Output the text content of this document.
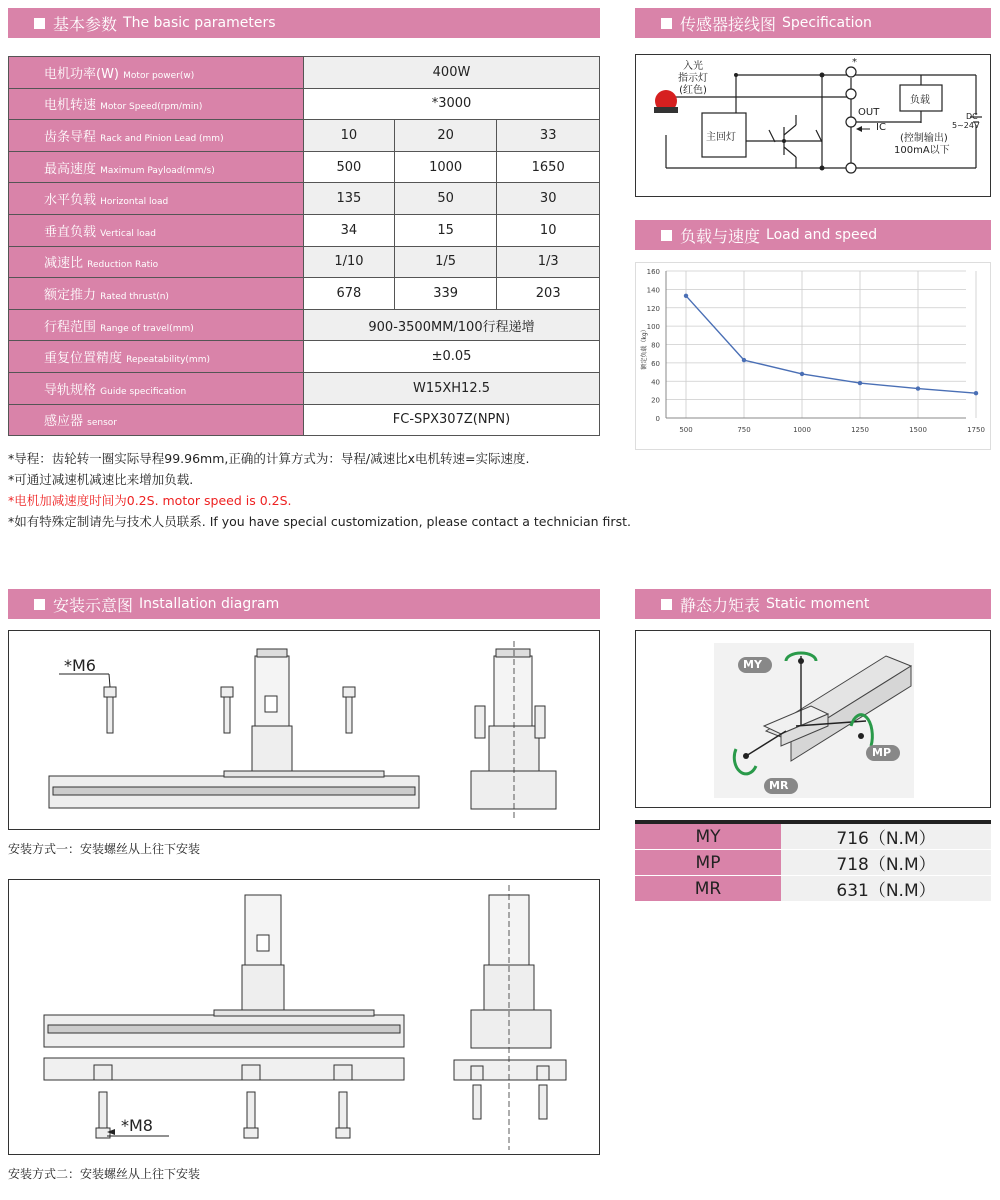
基本参数 The basic parameters	传感器接线图 Specification
负载与速度 Load and speed
安装示意图 Installation diagram	静态力矩表 Static moment
电机功率(W) Motor power(w)	400W		
电机转速 Motor Speed(rpm/min)	*3000		
齿条导程 Rack and Pinion Lead (mm)	10	20	33
最高速度 Maximum Payload(mm/s)	500	1000	1650
水平负载 Horizontal load	135	50	30
垂直负载 Vertical load	34	15	10
减速比 Reduction Ratio	1/10	1/5	1/3
额定推力 Rated thrust(n)	678	339	203
行程范围 Range of travel(mm)	900-3500MM/100行程递增		
重复位置精度 Repeatability(mm)	±0.05		
导轨规格 Guide specification	W15XH12.5		
感应器 sensor	FC-SPX307Z(NPN)		
*导程：齿轮转一圈实际导程99.96mm,正确的计算方式为：导程/减速比x电机转速=实际速度.
*可通过减速机减速比来增加负载.
*电机加减速度时间为0.2S. motor speed is 0.2S.
*如有特殊定制请先与技术人员联系. If you have special customization, please contact a technician first.
入光
指示灯
(红色)
主回灯
负载
*
OUT
IC
(控制输出)
100mA以下
DC
5~24V
0
20
40
60
80
100
120
140
160
500	750	1000	1250	1500	1750
额定负载（kg）
*M6
安装方式一：安装螺丝从上往下安装
*M8
安装方式二：安装螺丝从上往下安装
MY
MP
MR
MY	716（N.M）
MP	718（N.M）
MR	631（N.M）
